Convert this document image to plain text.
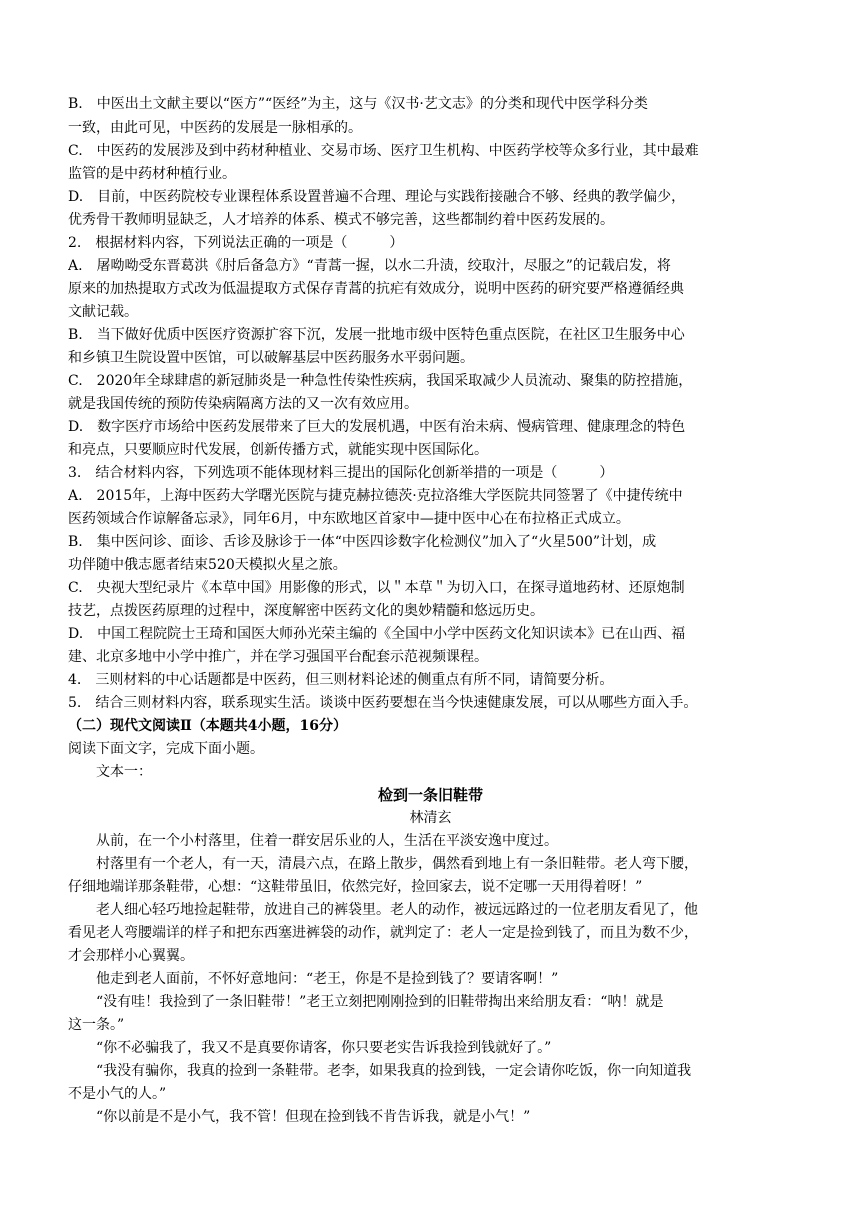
B.　中医出土文献主要以“医方”“医经”为主，这与《汉书·艺文志》的分类和现代中医学科分类
一致，由此可见，中医药的发展是一脉相承的。
C.　中医药的发展涉及到中药材种植业、交易市场、医疗卫生机构、中医药学校等众多行业，其中最难
监管的是中药材种植行业。
D.　目前，中医药院校专业课程体系设置普遍不合理、理论与实践衔接融合不够、经典的教学偏少，
优秀骨干教师明显缺乏，人才培养的体系、模式不够完善，这些都制约着中医药发展的。
2.　根据材料内容，下列说法正确的一项是（　　　）
A.　屠呦呦受东晋葛洪《肘后备急方》“青蒿一握，以水二升渍，绞取汁，尽服之”的记载启发，将
原来的加热提取方式改为低温提取方式保存青蒿的抗疟有效成分，说明中医药的研究要严格遵循经典
文献记载。
B.　当下做好优质中医医疗资源扩容下沉，发展一批地市级中医特色重点医院，在社区卫生服务中心
和乡镇卫生院设置中医馆，可以破解基层中医药服务水平弱问题。
C.　2020年全球肆虐的新冠肺炎是一种急性传染性疾病，我国采取减少人员流动、聚集的防控措施，
就是我国传统的预防传染病隔离方法的又一次有效应用。
D.　数字医疗市场给中医药发展带来了巨大的发展机遇，中医有治未病、慢病管理、健康理念的特色
和亮点，只要顺应时代发展，创新传播方式，就能实现中医国际化。
3.　结合材料内容，下列选项不能体现材料三提出的国际化创新举措的一项是（　　　）
A.　2015年，上海中医药大学曙光医院与捷克赫拉德茨·克拉洛维大学医院共同签署了《中捷传统中
医药领域合作谅解备忘录》，同年6月，中东欧地区首家中—捷中医中心在布拉格正式成立。
B.　集中医问诊、面诊、舌诊及脉诊于一体“中医四诊数字化检测仪”加入了“火星500”计划，成
功伴随中俄志愿者结束520天模拟火星之旅。
C.　央视大型纪录片《本草中国》用影像的形式，以＂本草＂为切入口，在探寻道地药材、还原炮制
技艺，点拨医药原理的过程中，深度解密中医药文化的奥妙精髓和悠远历史。
D.　中国工程院院士王琦和国医大师孙光荣主编的《全国中小学中医药文化知识读本》已在山西、福
建、北京多地中小学中推广，并在学习强国平台配套示范视频课程。
4.　三则材料的中心话题都是中医药，但三则材料论述的侧重点有所不同，请简要分析。
5.　结合三则材料内容，联系现实生活。谈谈中医药要想在当今快速健康发展，可以从哪些方面入手。
（二）现代文阅读Ⅱ（本题共4小题，16分）
阅读下面文字，完成下面小题。
　　文本一：
检到一条旧鞋带
林清玄
　　从前，在一个小村落里，住着一群安居乐业的人，生活在平淡安逸中度过。
　　村落里有一个老人，有一天，清晨六点，在路上散步，偶然看到地上有一条旧鞋带。老人弯下腰，
仔细地端详那条鞋带，心想：“这鞋带虽旧，依然完好，捡回家去，说不定哪一天用得着呀！”
　　老人细心轻巧地捡起鞋带，放进自己的裤袋里。老人的动作，被远远路过的一位老朋友看见了，他
看见老人弯腰端详的样子和把东西塞进裤袋的动作，就判定了：老人一定是捡到钱了，而且为数不少，
才会那样小心翼翼。
　　他走到老人面前，不怀好意地问：“老王，你是不是捡到钱了？要请客啊！”
　　“没有哇！我捡到了一条旧鞋带！”老王立刻把刚刚捡到的旧鞋带掏出来给朋友看：“呐！就是
这一条。”
　　“你不必骗我了，我又不是真要你请客，你只要老实告诉我捡到钱就好了。”
　　“我没有骗你，我真的捡到一条鞋带。老李，如果我真的捡到钱，一定会请你吃饭，你一向知道我
不是小气的人。”
　　“你以前是不是小气，我不管！但现在捡到钱不肯告诉我，就是小气！”
